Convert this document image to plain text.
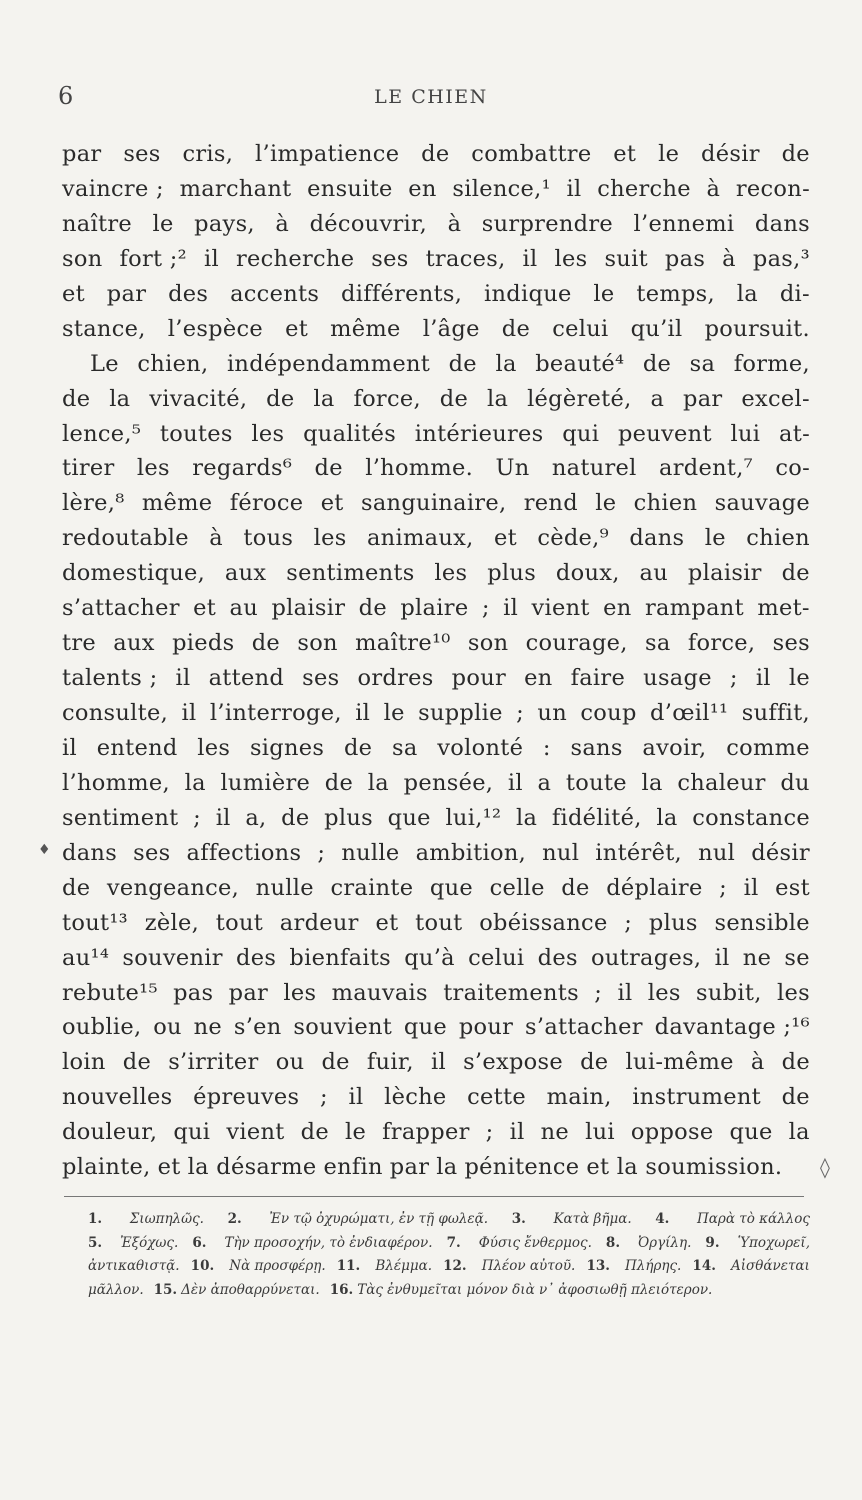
6	LE CHIEN
par ses cris, l’impatience de combattre et le désir de
vaincre ; marchant ensuite en silence,¹ il cherche à recon-
naître le pays, à découvrir, à surprendre l’ennemi dans
son fort ;² il recherche ses traces, il les suit pas à pas,³
et par des accents différents, indique le temps, la di-
stance, l’espèce et même l’âge de celui qu’il poursuit.
Le chien, indépendamment de la beauté⁴ de sa forme,
de la vivacité, de la force, de la légèreté, a par excel-
lence,⁵ toutes les qualités intérieures qui peuvent lui at-
tirer les regards⁶ de l’homme. Un naturel ardent,⁷ co-
lère,⁸ même féroce et sanguinaire, rend le chien sauvage
redoutable à tous les animaux, et cède,⁹ dans le chien
domestique, aux sentiments les plus doux, au plaisir de
s’attacher et au plaisir de plaire ; il vient en rampant met-
tre aux pieds de son maître¹⁰ son courage, sa force, ses
talents ; il attend ses ordres pour en faire usage ; il le
consulte, il l’interroge, il le supplie ; un coup d’œil¹¹ suffit,
il entend les signes de sa volonté : sans avoir, comme
l’homme, la lumière de la pensée, il a toute la chaleur du
sentiment ; il a, de plus que lui,¹² la fidélité, la constance
dans ses affections ; nulle ambition, nul intérêt, nul désir
de vengeance, nulle crainte que celle de déplaire ; il est
tout¹³ zèle, tout ardeur et tout obéissance ; plus sensible
au¹⁴ souvenir des bienfaits qu’à celui des outrages, il ne se
rebute¹⁵ pas par les mauvais traitements ; il les subit, les
oublie, ou ne s’en souvient que pour s’attacher davantage ;¹⁶
loin de s’irriter ou de fuir, il s’expose de lui-même à de
nouvelles épreuves ; il lèche cette main, instrument de
douleur, qui vient de le frapper ; il ne lui oppose que la
plainte, et la désarme enfin par la pénitence et la soumission.
♦
◊
1. Σιωπηλῶς. 2. Ἐν τῷ ὀχυρώματι, ἐν τῇ φωλεᾷ. 3. Κατὰ βῆμα. 4. Παρὰ τὸ κάλλος
5. Ἐξόχως. 6. Τὴν προσοχήν, τὸ ἐνδιαφέρον. 7. Φύσις ἔνθερμος. 8. Ὀργίλη. 9. Ὑποχωρεῖ,
ἀντικαθιστᾷ. 10. Νὰ προσφέρῃ. 11. Βλέμμα. 12. Πλέον αὐτοῦ. 13. Πλήρης. 14. Αἰσθάνεται
μᾶλλον. 15. Δὲν ἀποθαρρύνεται. 16. Τὰς ἐνθυμεῖται μόνον διὰ ν᾽ ἀφοσιωθῇ πλειότερον.
